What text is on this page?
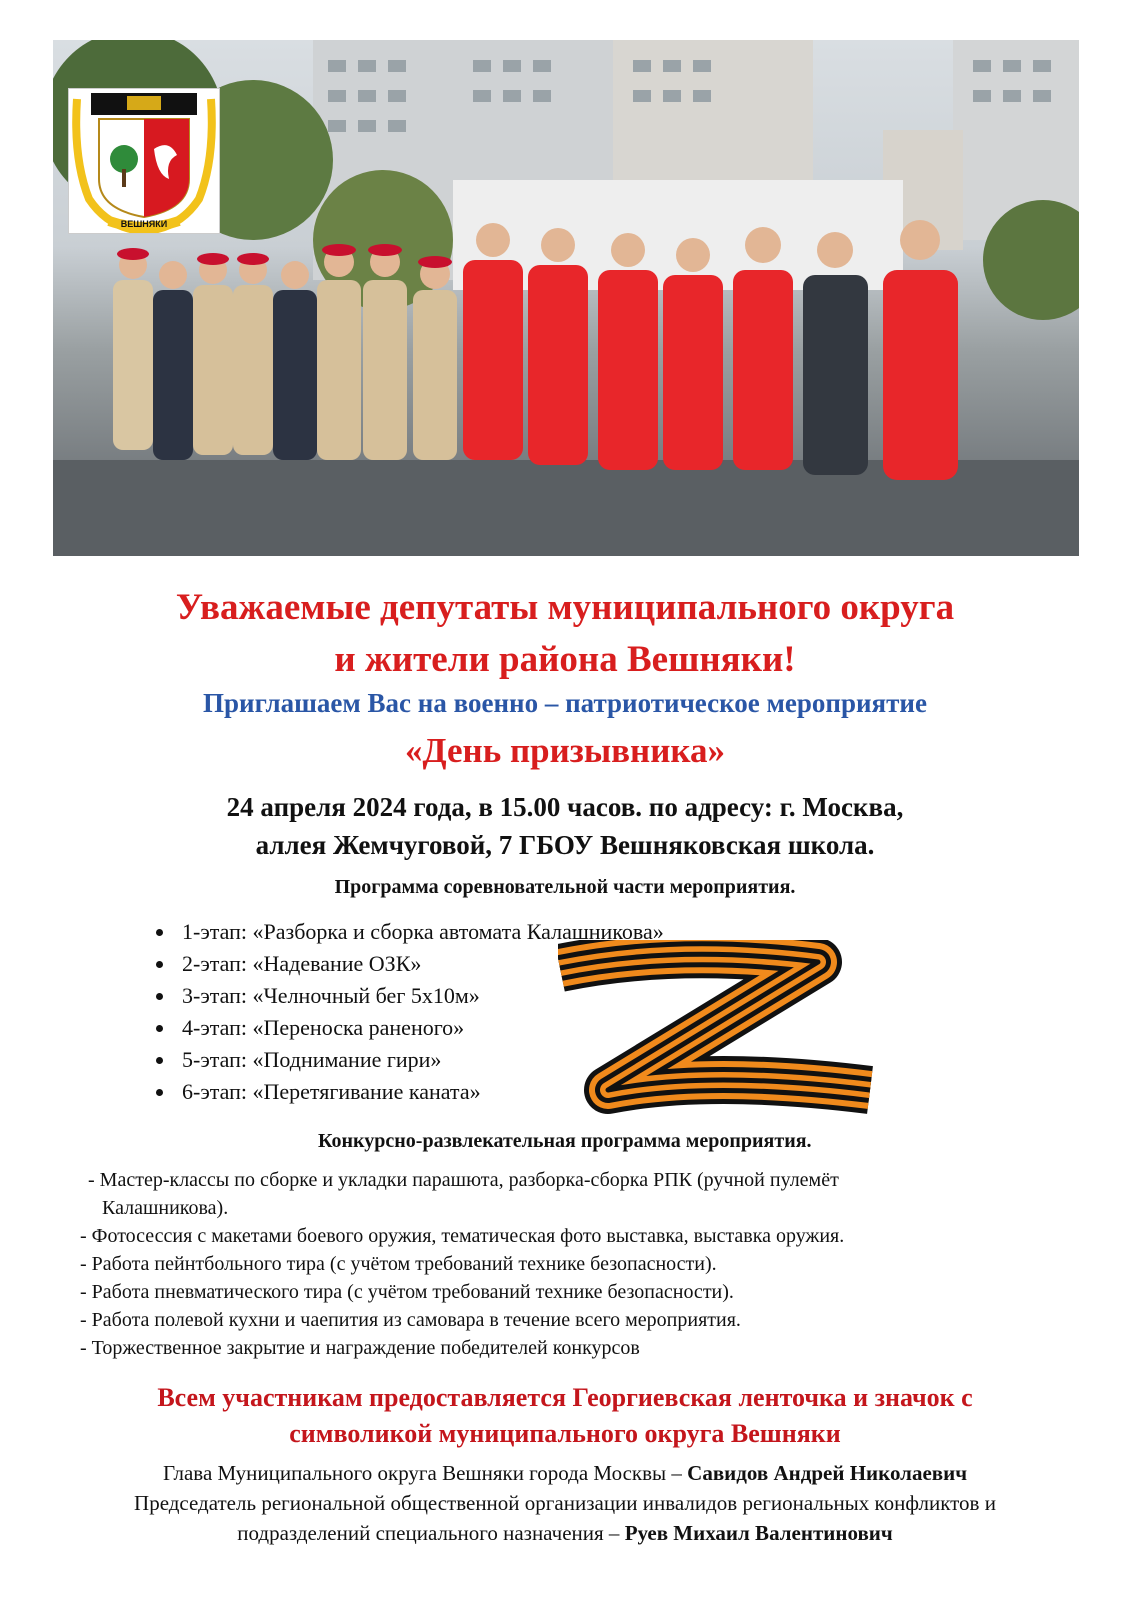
ВЕШНЯКИ
Уважаемые депутаты муниципального округа
и жители района Вешняки!
Приглашаем Вас на военно – патриотическое мероприятие
«День призывника»
24 апреля 2024 года, в 15.00 часов. по адресу: г. Москва,
аллея Жемчуговой, 7 ГБОУ Вешняковская школа.
Программа соревновательной части мероприятия.
• 1-этап: «Разборка и сборка автомата Калашникова»
• 2-этап: «Надевание ОЗК»
• 3-этап: «Челночный бег 5х10м»
• 4-этап: «Переноска раненого»
• 5-этап: «Поднимание гири»
• 6-этап: «Перетягивание каната»
Конкурсно-развлекательная программа мероприятия.
- Мастер-классы по сборке и укладки парашюта, разборка-сборка РПК (ручной пулемёт
Калашникова).
- Фотосессия с макетами боевого оружия, тематическая фото выставка, выставка оружия.
- Работа пейнтбольного тира (с учётом требований технике безопасности).
- Работа пневматического тира (с учётом требований технике безопасности).
- Работа полевой кухни и чаепития из самовара в течение всего мероприятия.
- Торжественное закрытие и награждение победителей конкурсов
Всем участникам предоставляется Георгиевская ленточка и значок с
символикой муниципального округа Вешняки
Глава Муниципального округа Вешняки города Москвы – Савидов Андрей Николаевич
Председатель региональной общественной организации инвалидов региональных конфликтов и
подразделений специального назначения – Руев Михаил Валентинович
